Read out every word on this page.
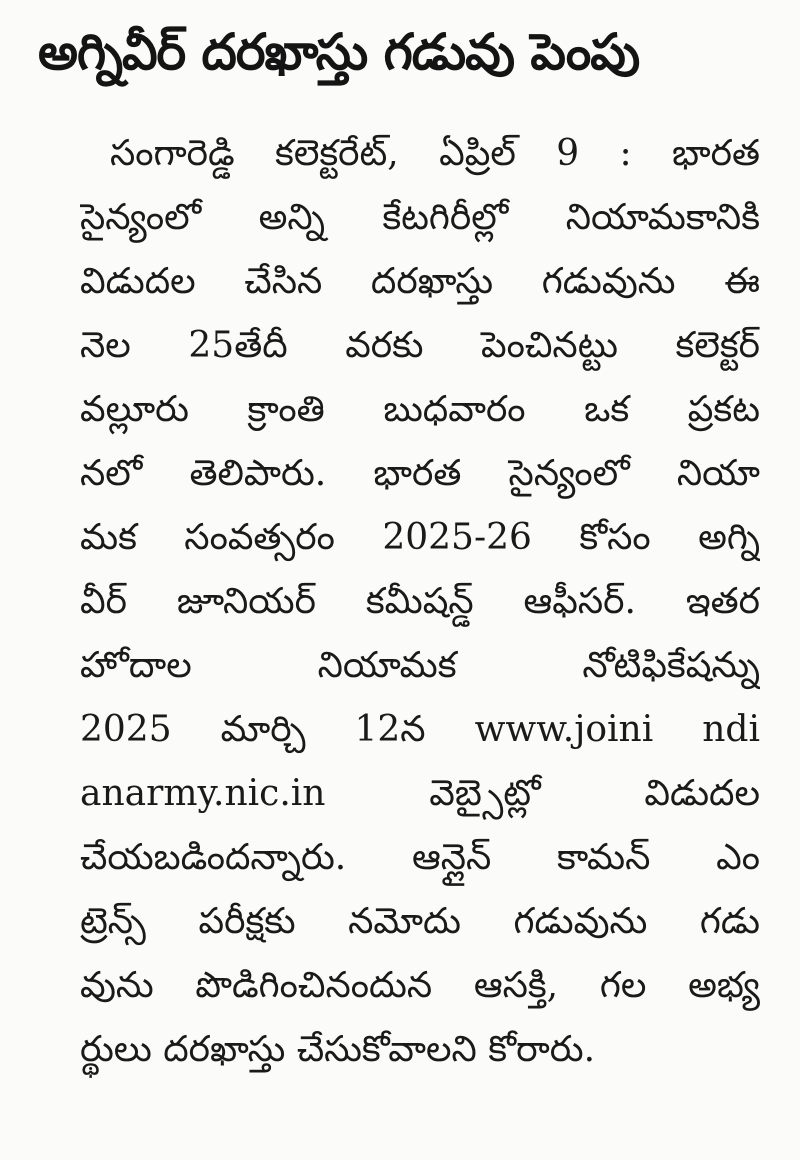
అగ్నివీర్ దరఖాస్తు గడువు పెంపు
సంగారెడ్డి కలెక్టరేట్, ఏప్రిల్ 9 : భారత
సైన్యంలో అన్ని కేటగిరీల్లో నియామకానికి
విడుదల చేసిన దరఖాస్తు గడువును ఈ
నెల 25తేదీ వరకు పెంచినట్టు కలెక్టర్
వల్లూరు క్రాంతి బుధవారం ఒక ప్రకట
నలో తెలిపారు. భారత సైన్యంలో నియా
మక సంవత్సరం 2025-26 కోసం అగ్ని
వీర్ జూనియర్ కమీషన్డ్ ఆఫీసర్. ఇతర
హోదాల నియామక నోటిఫికేషన్ను
2025 మార్చి 12న www.joini ndi
anarmy.nic.in వెబ్సైట్లో విడుదల
చేయబడిందన్నారు. ఆన్లైన్ కామన్ ఎం
ట్రెన్స్ పరీక్షకు నమోదు గడువును గడు
వును పొడిగించినందున ఆసక్తి, గల అభ్య
ర్థులు దరఖాస్తు చేసుకోవాలని కోరారు.
